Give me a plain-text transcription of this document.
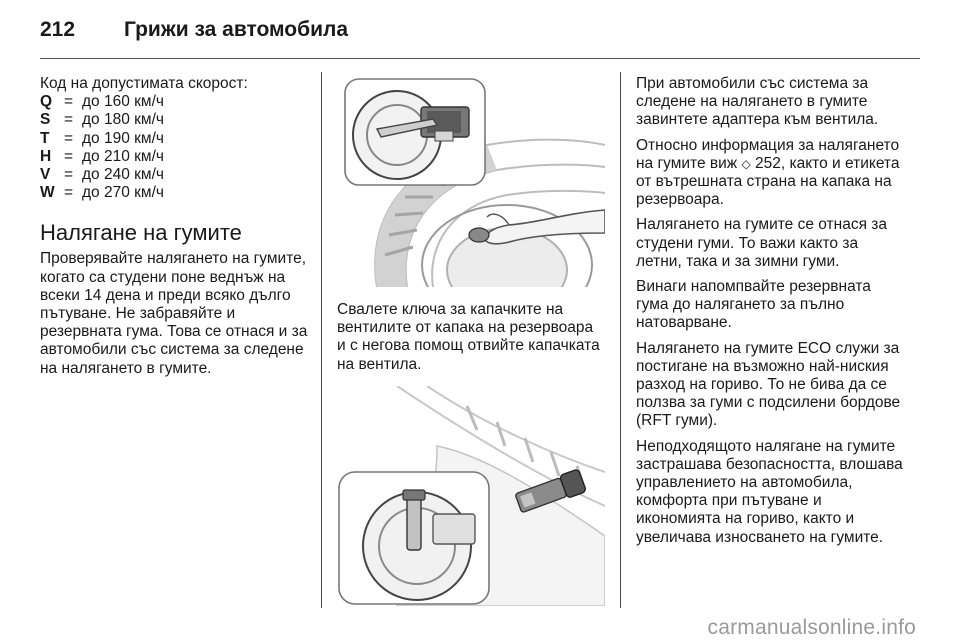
212	Грижи за автомобила

Код на допустимата скорост:

Q	=	до 160 км/ч
S	=	до 180 км/ч
T	=	до 190 км/ч
H	=	до 210 км/ч
V	=	до 240 км/ч
W	=	до 270 км/ч
Налягане на гумите

Проверявайте налягането на гумите, когато са студени поне веднъж на всеки 14 дена и преди всяко дълго пътуване. Не забравяйте и резервната гума. Това се отнася и за автомобили със система за следене на налягането в гумите.

Свалете ключа за капачките на вентилите от капака на резервоара и с негова помощ отвийте капачката на вентила.

При автомобили със система за следене на налягането в гумите завинтете адаптера към вентила.

Относно информация за налягането на гумите виж ◇ 252, както и етикета от вътрешната страна на капака на резервоара.

Налягането на гумите се отнася за студени гуми. То важи както за летни, така и за зимни гуми.

Винаги напомпвайте резервната гума до налягането за пълно натоварване.

Налягането на гумите ECO служи за постигане на възможно най-ниския разход на гориво. То не бива да се ползва за гуми с подсилени бордове (RFT гуми).

Неподходящото налягане на гумите застрашава безопасността, влошава управлението на автомобила, комфорта при пътуване и икономията на гориво, както и увеличава износването на гумите.

carmanualsonline.info
